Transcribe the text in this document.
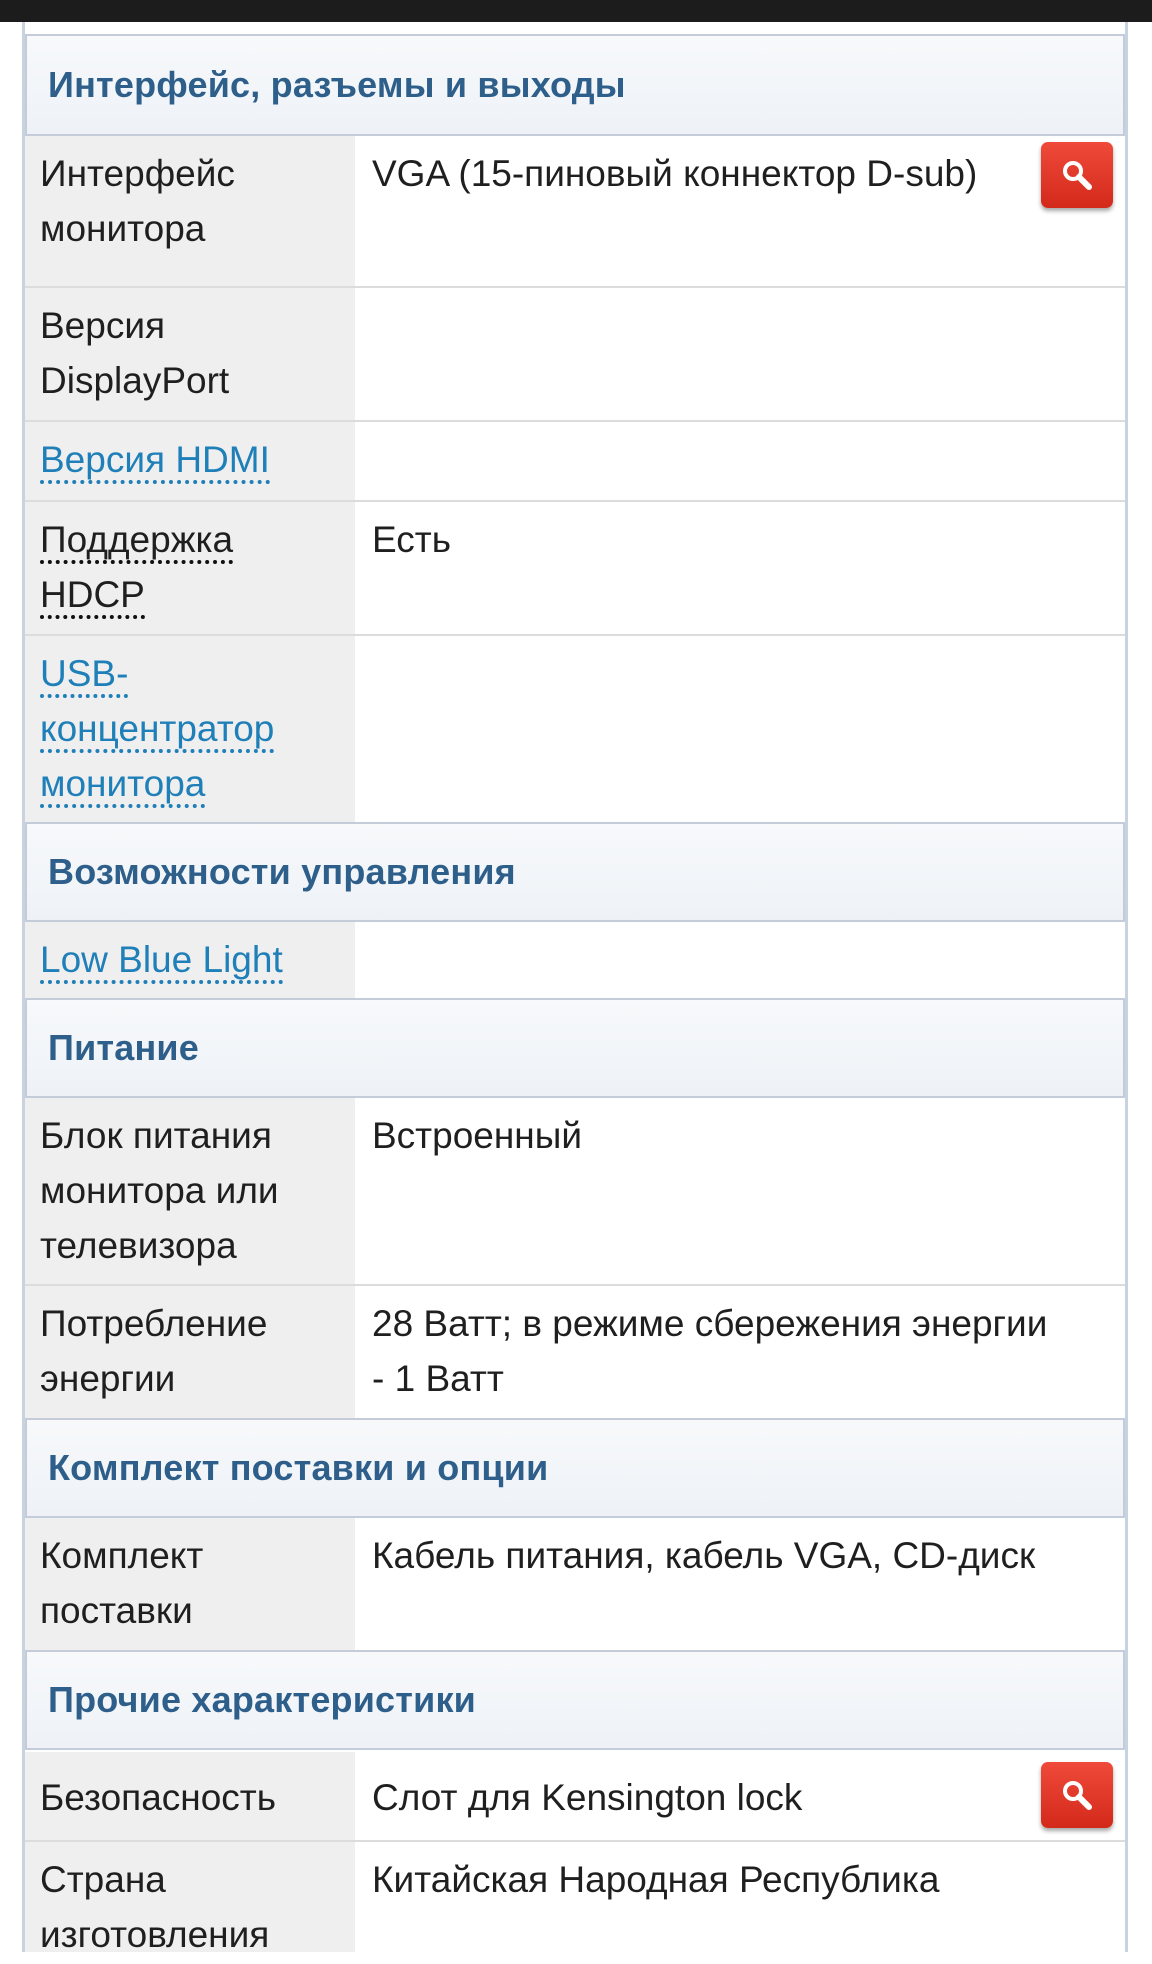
Интерфейс, разъемы и выходы
Интерфейс
монитора
VGA (15-пиновый коннектор D-sub)
Версия
DisplayPort
Версия HDMI
Поддержка
HDCP
Есть
USB-
концентратор
монитора
Возможности управления
Low Blue Light
Питание
Блок питания
монитора или
телевизора
Встроенный
Потребление
энергии
28 Ватт; в режиме сбережения энергии
- 1 Ватт
Комплект поставки и опции
Комплект
поставки
Кабель питания, кабель VGA, CD-диск
Прочие характеристики
Безопасность	Слот для Kensington lock
Страна
изготовления
Китайская Народная Республика
